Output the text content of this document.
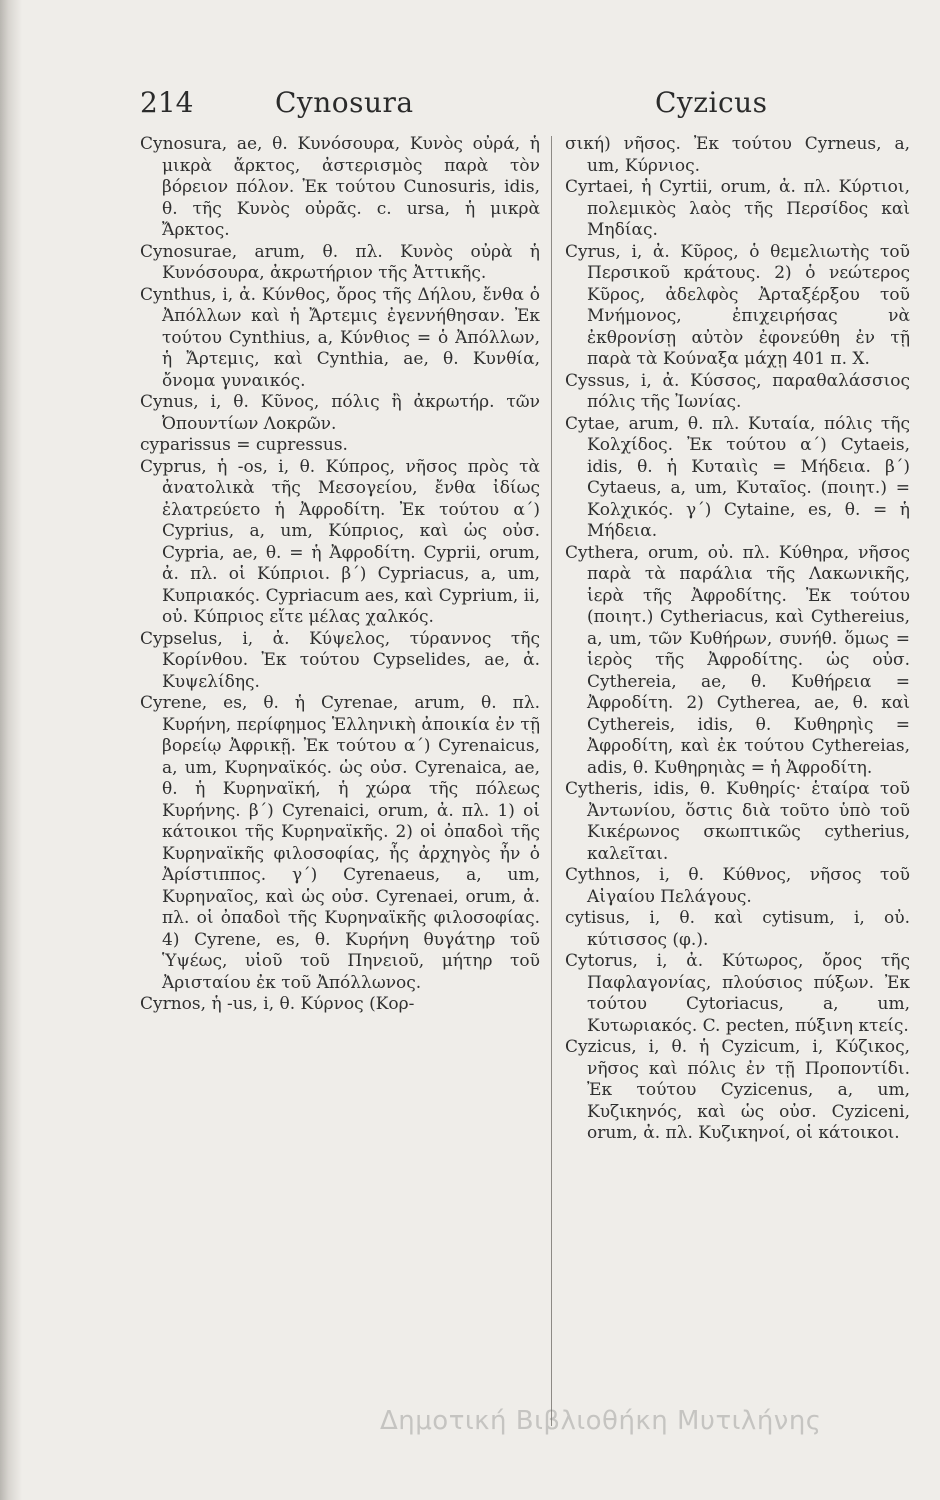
214	Cynosura	Cyzicus

Cynosura, ae, θ. Κυνόσουρα, Κυνὸς οὐρά, ἡ μικρὰ ἄρκτος, ἀστερισμὸς παρὰ τὸν βόρειον πόλον. Ἐκ τούτου Cunosuris, idis, θ. τῆς Κυνὸς οὐρᾶς. c. ursa, ἡ μικρὰ Ἄρκτος.

Cynosurae, arum, θ. πλ. Κυνὸς οὐρὰ ἡ Κυνόσουρα, ἀκρωτήριον τῆς Ἀττικῆς.

Cynthus, i, ἀ. Κύνθος, ὄρος τῆς Δήλου, ἔνθα ὁ Ἀπόλλων καὶ ἡ Ἄρτεμις ἐγεννήθησαν. Ἐκ τούτου Cynthius, a, Κύνθιος = ὁ Ἀπόλλων, ἡ Ἄρτεμις, καὶ Cynthia, ae, θ. Κυνθία, ὄνομα γυναικός.

Cynus, i, θ. Κῦνος, πόλις ἢ ἀκρωτήρ. τῶν Ὀπουντίων Λοκρῶν.

cyparissus = cupressus.

Cyprus, ἡ -os, i, θ. Κύπρος, νῆσος πρὸς τὰ ἀνατολικὰ τῆς Μεσογείου, ἔνθα ἰδίως ἐλατρεύετο ἡ Ἀφροδίτη. Ἐκ τούτου α΄) Cyprius, a, um, Κύπριος, καὶ ὡς οὐσ. Cypria, ae, θ. = ἡ Ἀφροδίτη. Cyprii, orum, ἀ. πλ. οἱ Κύπριοι. β΄) Cypriacus, a, um, Κυπριακός. Cypriacum aes, καὶ Cyprium, ii, οὐ. Κύπριος εἴτε μέλας χαλκός.

Cypselus, i, ἀ. Κύψελος, τύραννος τῆς Κορίνθου. Ἐκ τούτου Cypselides, ae, ἀ. Κυψελίδης.

Cyrene, es, θ. ἡ Cyrenae, arum, θ. πλ. Κυρήνη, περίφημος Ἑλληνικὴ ἀποικία ἐν τῇ βορείῳ Ἀφρικῇ. Ἐκ τούτου α΄) Cyrenaicus, a, um, Κυρηναϊκός. ὡς οὐσ. Cyrenaica, ae, θ. ἡ Κυρηναϊκή, ἡ χώρα τῆς πόλεως Κυρήνης. β΄) Cyrenaici, orum, ἀ. πλ. 1) οἱ κάτοικοι τῆς Κυρηναϊκῆς. 2) οἱ ὀπαδοὶ τῆς Κυρηναϊκῆς φιλοσοφίας, ἧς ἀρχηγὸς ἦν ὁ Ἀρίστιππος. γ΄) Cyrenaeus, a, um, Κυρηναῖος, καὶ ὡς οὐσ. Cyrenaei, orum, ἀ. πλ. οἱ ὀπαδοὶ τῆς Κυρηναϊκῆς φιλοσοφίας. 4) Cyrene, es, θ. Κυρήνη θυγάτηρ τοῦ Ὑψέως, υἱοῦ τοῦ Πηνειοῦ, μήτηρ τοῦ Ἀρισταίου ἐκ τοῦ Ἀπόλλωνος.

Cyrnos, ἡ -us, i, θ. Κύρνος (Κορ-

σική) νῆσος. Ἐκ τούτου Cyrneus, a, um, Κύρνιος.

Cyrtaei, ἡ Cyrtii, orum, ἀ. πλ. Κύρτιοι, πολεμικὸς λαὸς τῆς Περσίδος καὶ Μηδίας.

Cyrus, i, ἀ. Κῦρος, ὁ θεμελιωτὴς τοῦ Περσικοῦ κράτους. 2) ὁ νεώτερος Κῦρος, ἀδελφὸς Ἀρταξέρξου τοῦ Μνήμονος, ἐπιχειρήσας νὰ ἐκθρονίσῃ αὐτὸν ἐφονεύθη ἐν τῇ παρὰ τὰ Κούναξα μάχῃ 401 π. Χ.

Cyssus, i, ἀ. Κύσσος, παραθαλάσσιος πόλις τῆς Ἰωνίας.

Cytae, arum, θ. πλ. Κυταία, πόλις τῆς Κολχίδος. Ἐκ τούτου α΄) Cytaeis, idis, θ. ἡ Κυταιὶς = Μήδεια. β΄) Cytaeus, a, um, Κυταῖος. (ποιητ.) = Κολχικός. γ΄) Cytaine, es, θ. = ἡ Μήδεια.

Cythera, orum, οὐ. πλ. Κύθηρα, νῆσος παρὰ τὰ παράλια τῆς Λακωνικῆς, ἱερὰ τῆς Ἀφροδίτης. Ἐκ τούτου (ποιητ.) Cytheriacus, καὶ Cythereius, a, um, τῶν Κυθήρων, συνήθ. ὅμως = ἱερὸς τῆς Ἀφροδίτης. ὡς οὐσ. Cythereia, ae, θ. Κυθήρεια = Ἀφροδίτη. 2) Cytherea, ae, θ. καὶ Cythereis, idis, θ. Κυθηρηὶς = Ἀφροδίτη, καὶ ἐκ τούτου Cythereias, adis, θ. Κυθηρηιὰς = ἡ Ἀφροδίτη.

Cytheris, idis, θ. Κυθηρίς· ἑταίρα τοῦ Ἀντωνίου, ὅστις διὰ τοῦτο ὑπὸ τοῦ Κικέρωνος σκωπτικῶς cytherius, καλεῖται.

Cythnos, i, θ. Κύθνος, νῆσος τοῦ Αἰγαίου Πελάγους.

cytisus, i, θ. καὶ cytisum, i, οὐ. κύτισσος (φ.).

Cytorus, i, ἀ. Κύτωρος, ὄρος τῆς Παφλαγονίας, πλούσιος πύξων. Ἐκ τούτου Cytoriacus, a, um, Κυτωριακός. C. pecten, πύξινη κτείς.

Cyzicus, i, θ. ἡ Cyzicum, i, Κύζικος, νῆσος καὶ πόλις ἐν τῇ Προποντίδι. Ἐκ τούτου Cyzicenus, a, um, Κυζικηνός, καὶ ὡς οὐσ. Cyziceni, orum, ἀ. πλ. Κυζικηνοί, οἱ κάτοικοι.

Δημοτική Βιβλιοθήκη Μυτιλήνης
